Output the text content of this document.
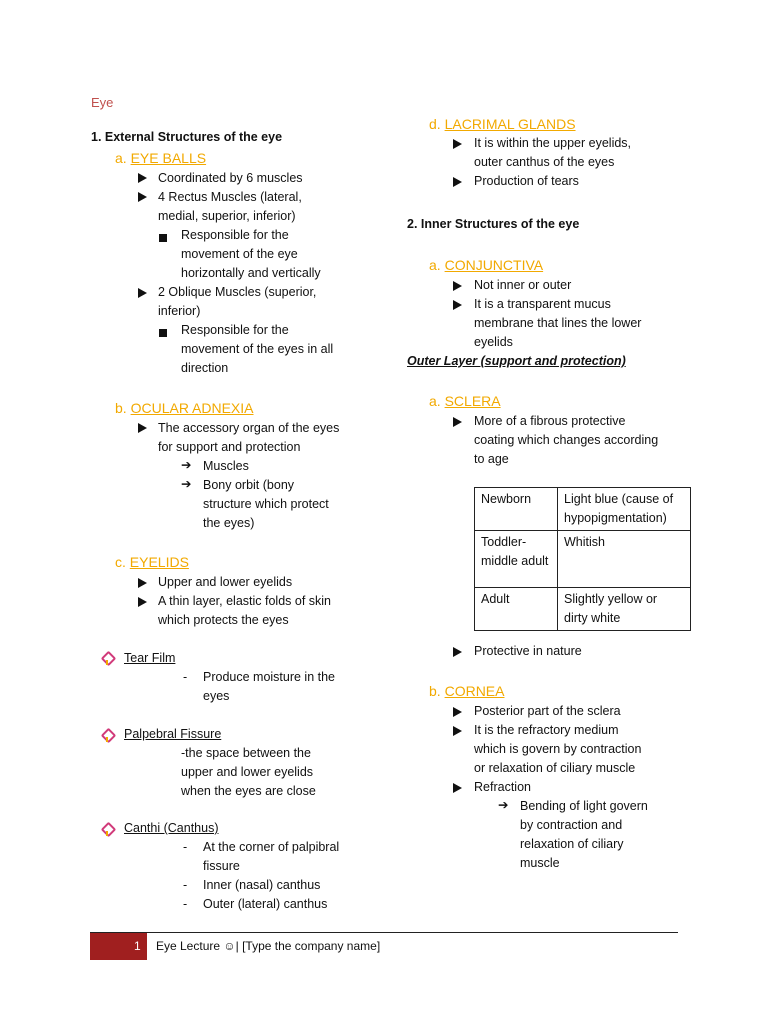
Eye
1. External Structures of the eye
a. EYE BALLS
Coordinated by 6 muscles
4 Rectus Muscles (lateral,
medial, superior, inferior)
Responsible for the
movement of the eye
horizontally and vertically
2 Oblique Muscles (superior,
inferior)
Responsible for the
movement of the eyes in all
direction
b. OCULAR ADNEXIA
The accessory organ of the eyes
for support and protection
➔ Muscles
➔ Bony orbit (bony
structure which protect
the eyes)
c. EYELIDS
Upper and lower eyelids
A thin layer, elastic folds of skin
which protects the eyes
Tear Film
- Produce moisture in the
eyes
Palpebral Fissure
-the space between the
upper and lower eyelids
when the eyes are close
Canthi (Canthus)
- At the corner of palpibral
fissure
- Inner (nasal) canthus
- Outer (lateral) canthus
d. LACRIMAL GLANDS
It is within the upper eyelids,
outer canthus of the eyes
Production of tears
2. Inner Structures of the eye
a. CONJUNCTIVA
Not inner or outer
It is a transparent mucus
membrane that lines the lower
eyelids
Outer Layer (support and protection)
a. SCLERA
More of a fibrous protective
coating which changes according
to age
Newborn	Light blue (cause of hypopigmentation)
Toddler-middle adult	Whitish
Adult	Slightly yellow or dirty white
Protective in nature
b. CORNEA
Posterior part of the sclera
It is the refractory medium
which is govern by contraction
or relaxation of ciliary muscle
Refraction
➔ Bending of light govern
by contraction and
relaxation of ciliary
muscle
1 Eye Lecture ☺| [Type the company name]
